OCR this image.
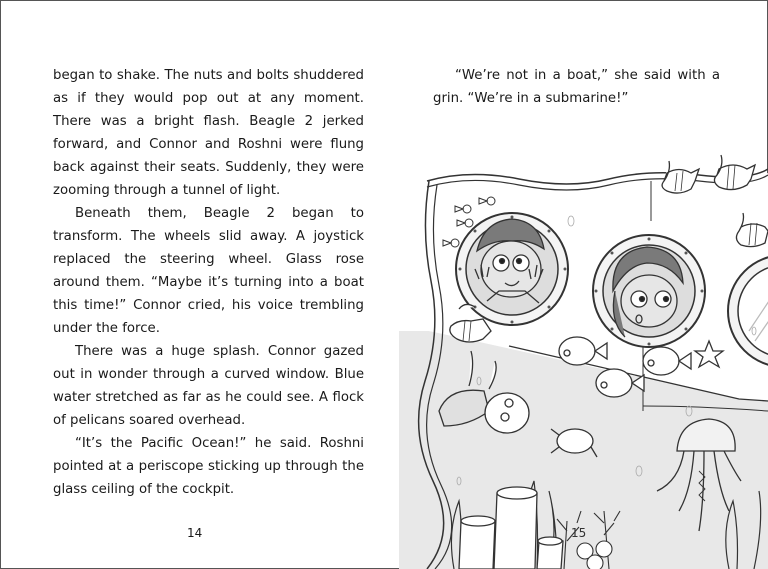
began to shake. The nuts and bolts shuddered as if they would pop out at any moment. There was a bright flash. Beagle 2 jerked forward, and Connor and Roshni were flung back against their seats. Suddenly, they were zooming through a tunnel of light.

Beneath them, Beagle 2 began to transform. The wheels slid away. A joystick replaced the steering wheel. Glass rose around them. “Maybe it’s turning into a boat this time!” Connor cried, his voice trembling under the force.

There was a huge splash. Connor gazed out in wonder through a curved window. Blue water stretched as far as he could see. A flock of pelicans soared overhead.

“It’s the Pacific Ocean!” he said. Roshni pointed at a periscope sticking up through the glass ceiling of the cockpit.

14

“We’re not in a boat,” she said with a grin. “We’re in a submarine!”

15
